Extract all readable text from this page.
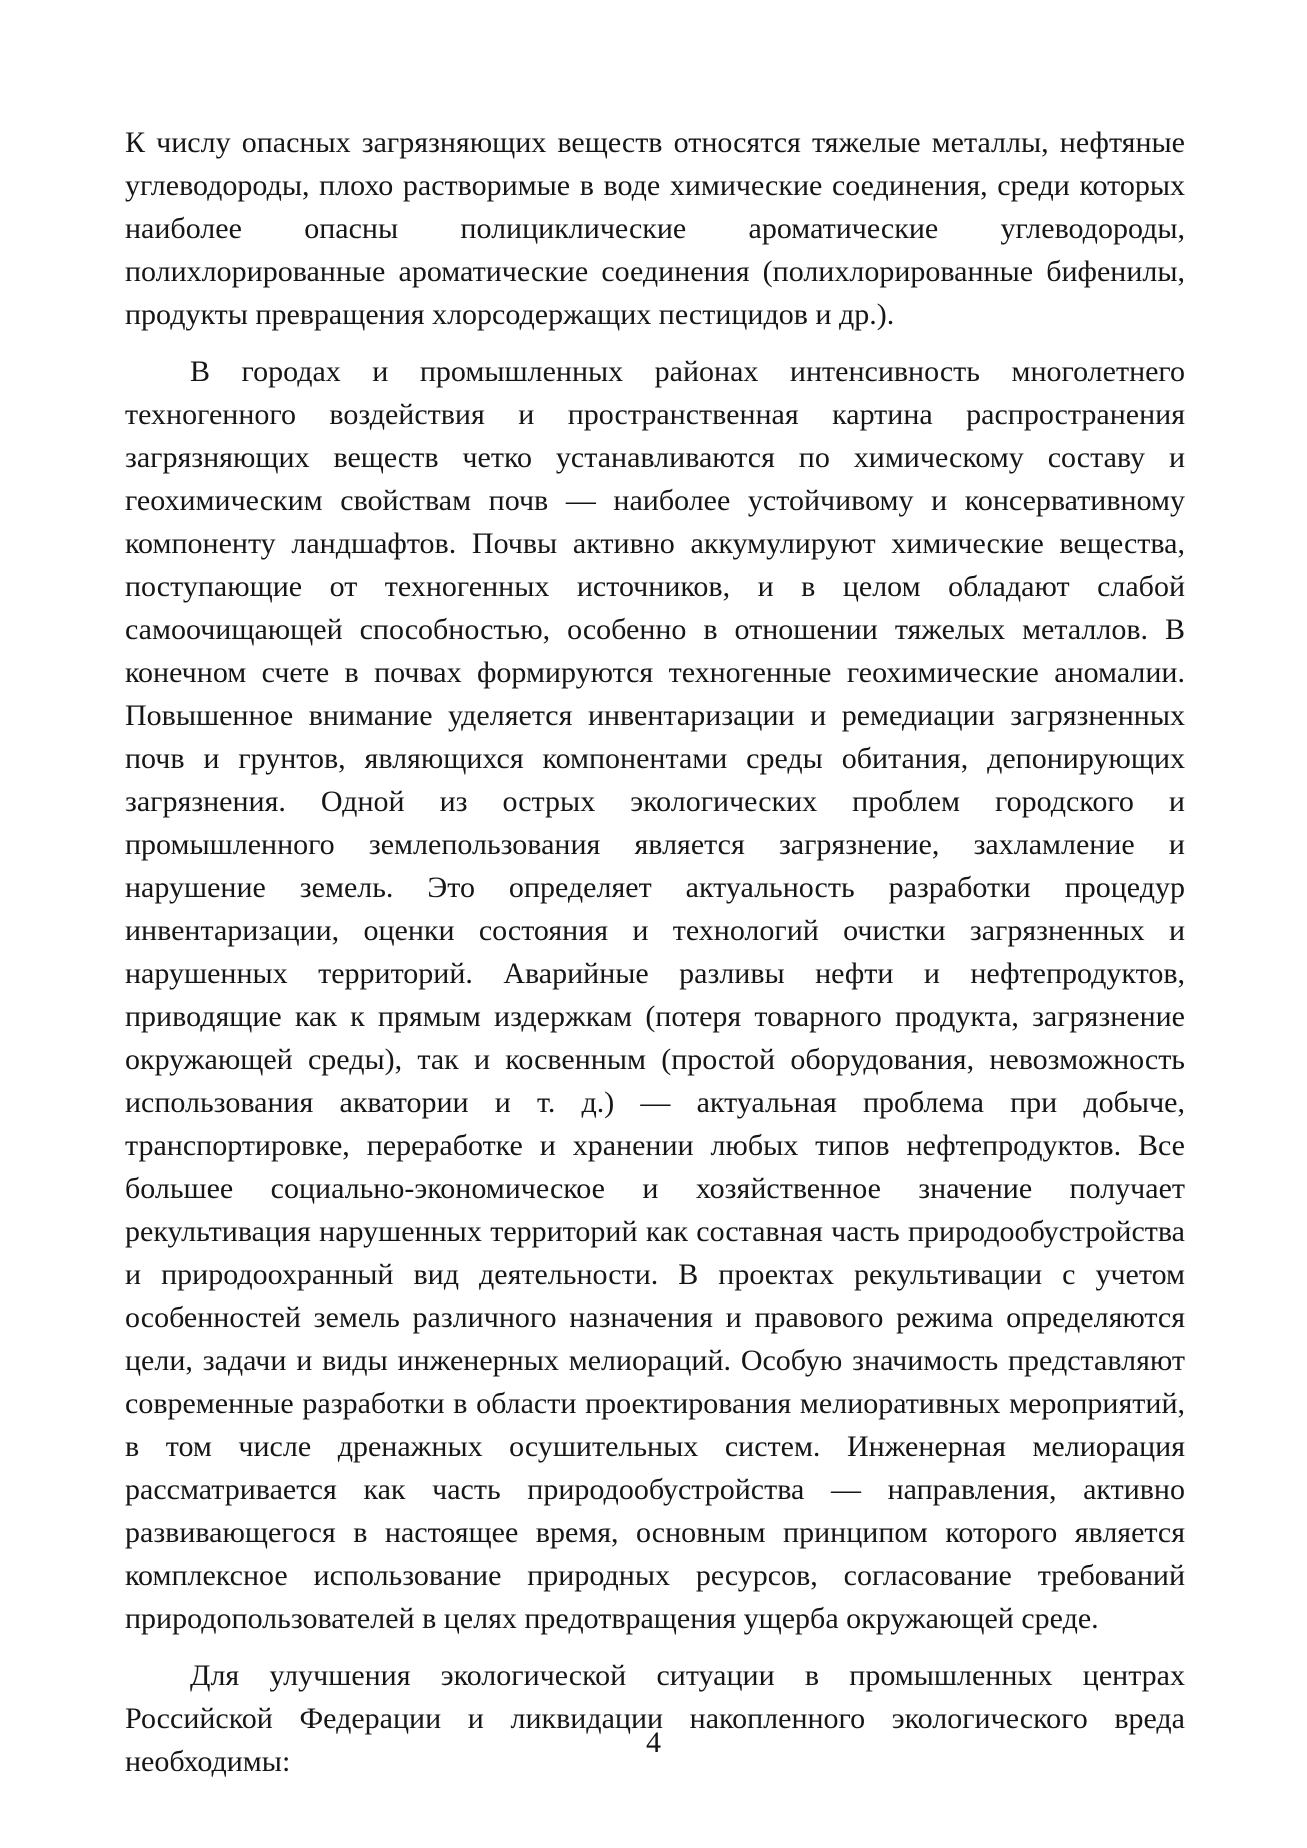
К числу опасных загрязняющих веществ относятся тяжелые металлы, нефтяные углеводороды, плохо растворимые в воде химические соединения, среди которых наиболее опасны полициклические ароматические углеводороды, полихлорированные ароматические соединения (полихлорированные бифенилы, продукты превращения хлорсодержащих пестицидов и др.).

В городах и промышленных районах интенсивность многолетнего техногенного воздействия и пространственная картина распространения загрязняющих веществ четко устанавливаются по химическому составу и геохимическим свойствам почв — наиболее устойчивому и консервативному компоненту ландшафтов. Почвы активно аккумулируют химические вещества, поступающие от техногенных источников, и в целом обладают слабой самоочищающей способностью, особенно в отношении тяжелых металлов. В конечном счете в почвах формируются техногенные геохимические аномалии. Повышенное внимание уделяется инвентаризации и ремедиации загрязненных почв и грунтов, являющихся компонентами среды обитания, депонирующих загрязнения. Одной из острых экологических проблем городского и промышленного землепользования является загрязнение, захламление и нарушение земель. Это определяет актуальность разработки процедур инвентаризации, оценки состояния и технологий очистки загрязненных и нарушенных территорий. Аварийные разливы нефти и нефтепродуктов, приводящие как к прямым издержкам (потеря товарного продукта, загрязнение окружающей среды), так и косвенным (простой оборудования, невозможность использования акватории и т. д.) — актуальная проблема при добыче, транспортировке, переработке и хранении любых типов нефтепродуктов. Все большее социально-экономическое и хозяйственное значение получает рекультивация нарушенных территорий как составная часть природообустройства и природоохранный вид деятельности. В проектах рекультивации с учетом особенностей земель различного назначения и правового режима определяются цели, задачи и виды инженерных мелиораций. Особую значимость представляют современные разработки в области проектирования мелиоративных мероприятий, в том числе дренажных осушительных систем. Инженерная мелиорация рассматривается как часть природообустройства — направления, активно развивающегося в настоящее время, основным принципом которого является комплексное использование природных ресурсов, согласование требований природопользователей в целях предотвращения ущерба окружающей среде.

Для улучшения экологической ситуации в промышленных центрах Российской Федерации и ликвидации накопленного экологического вреда необходимы:

4
